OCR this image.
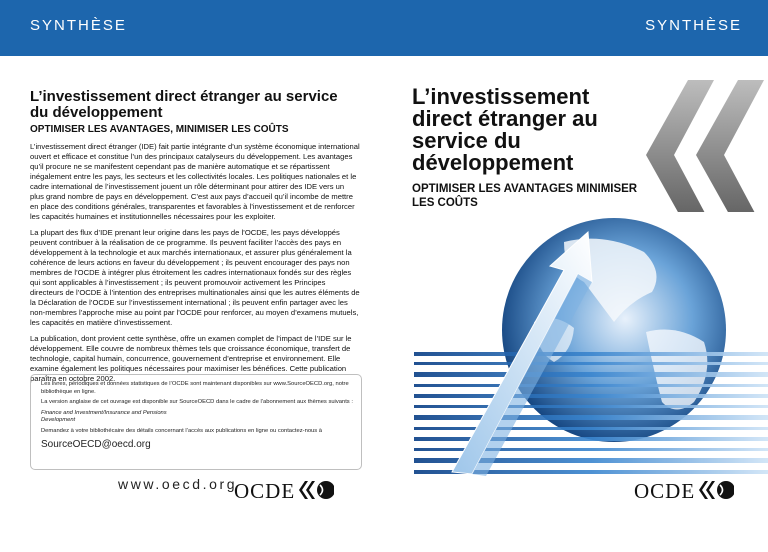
SYNTHÈSE
L’investissement direct étranger au service du développement
OPTIMISER LES AVANTAGES, MINIMISER LES COÛTS

L’investissement direct étranger (IDE) fait partie intégrante d’un système économique international ouvert et efficace et constitue l’un des principaux catalyseurs du développement. Les avantages qu’il procure ne se manifestent cependant pas de manière automatique et se répartissent inégalement entre les pays, les secteurs et les collectivités locales. Les politiques nationales et le cadre international de l’investissement jouent un rôle déterminant pour attirer des IDE vers un plus grand nombre de pays en développement. C’est aux pays d’accueil qu’il incombe de mettre en place des conditions générales, transparentes et favorables à l’investissement et de renforcer les capacités humaines et institutionnelles nécessaires pour les exploiter.

La plupart des flux d’IDE prenant leur origine dans les pays de l’OCDE, les pays développés peuvent contribuer à la réalisation de ce programme. Ils peuvent faciliter l’accès des pays en développement à la technologie et aux marchés internationaux, et assurer plus généralement la cohérence de leurs actions en faveur du développement ; ils peuvent encourager des pays non membres de l’OCDE à intégrer plus étroitement les cadres internationaux fondés sur des règles qui sont applicables à l’investissement ; ils peuvent promouvoir activement les Principes directeurs de l’OCDE à l’intention des entreprises multinationales ainsi que les autres éléments de la Déclaration de l’OCDE sur l’investissement international ; ils peuvent enfin partager avec les non-membres l’approche mise au point par l’OCDE pour renforcer, au moyen d’examens mutuels, les capacités en matière d’investissement.

La publication, dont provient cette synthèse, offre un examen complet de l’impact de l’IDE sur le développement. Elle couvre de nombreux thèmes tels que croissance économique, transfert de technologie, capital humain, concurrence, gouvernement d’entreprise et environnement. Elle examine également les politiques nécessaires pour maximiser les bénéfices. Cette publication paraîtra en octobre 2002.

Les livres, périodiques et données statistiques de l’OCDE sont maintenant disponibles sur www.SourceOECD.org, notre bibliothèque en ligne.

La version anglaise de cet ouvrage est disponible sur SourceOECD dans le cadre de l’abonnement aux thèmes suivants :

Finance and Investment/Insurance and Pensions
Development

Demandez à votre bibliothécaire des détails concernant l’accès aux publications en ligne ou contactez-nous à

SourceOECD@oecd.org
www.oecd.org
OCDE
SYNTHÈSE
L’investissement direct étranger au service du développement
OPTIMISER LES AVANTAGES MINIMISER LES COÛTS
OCDE
